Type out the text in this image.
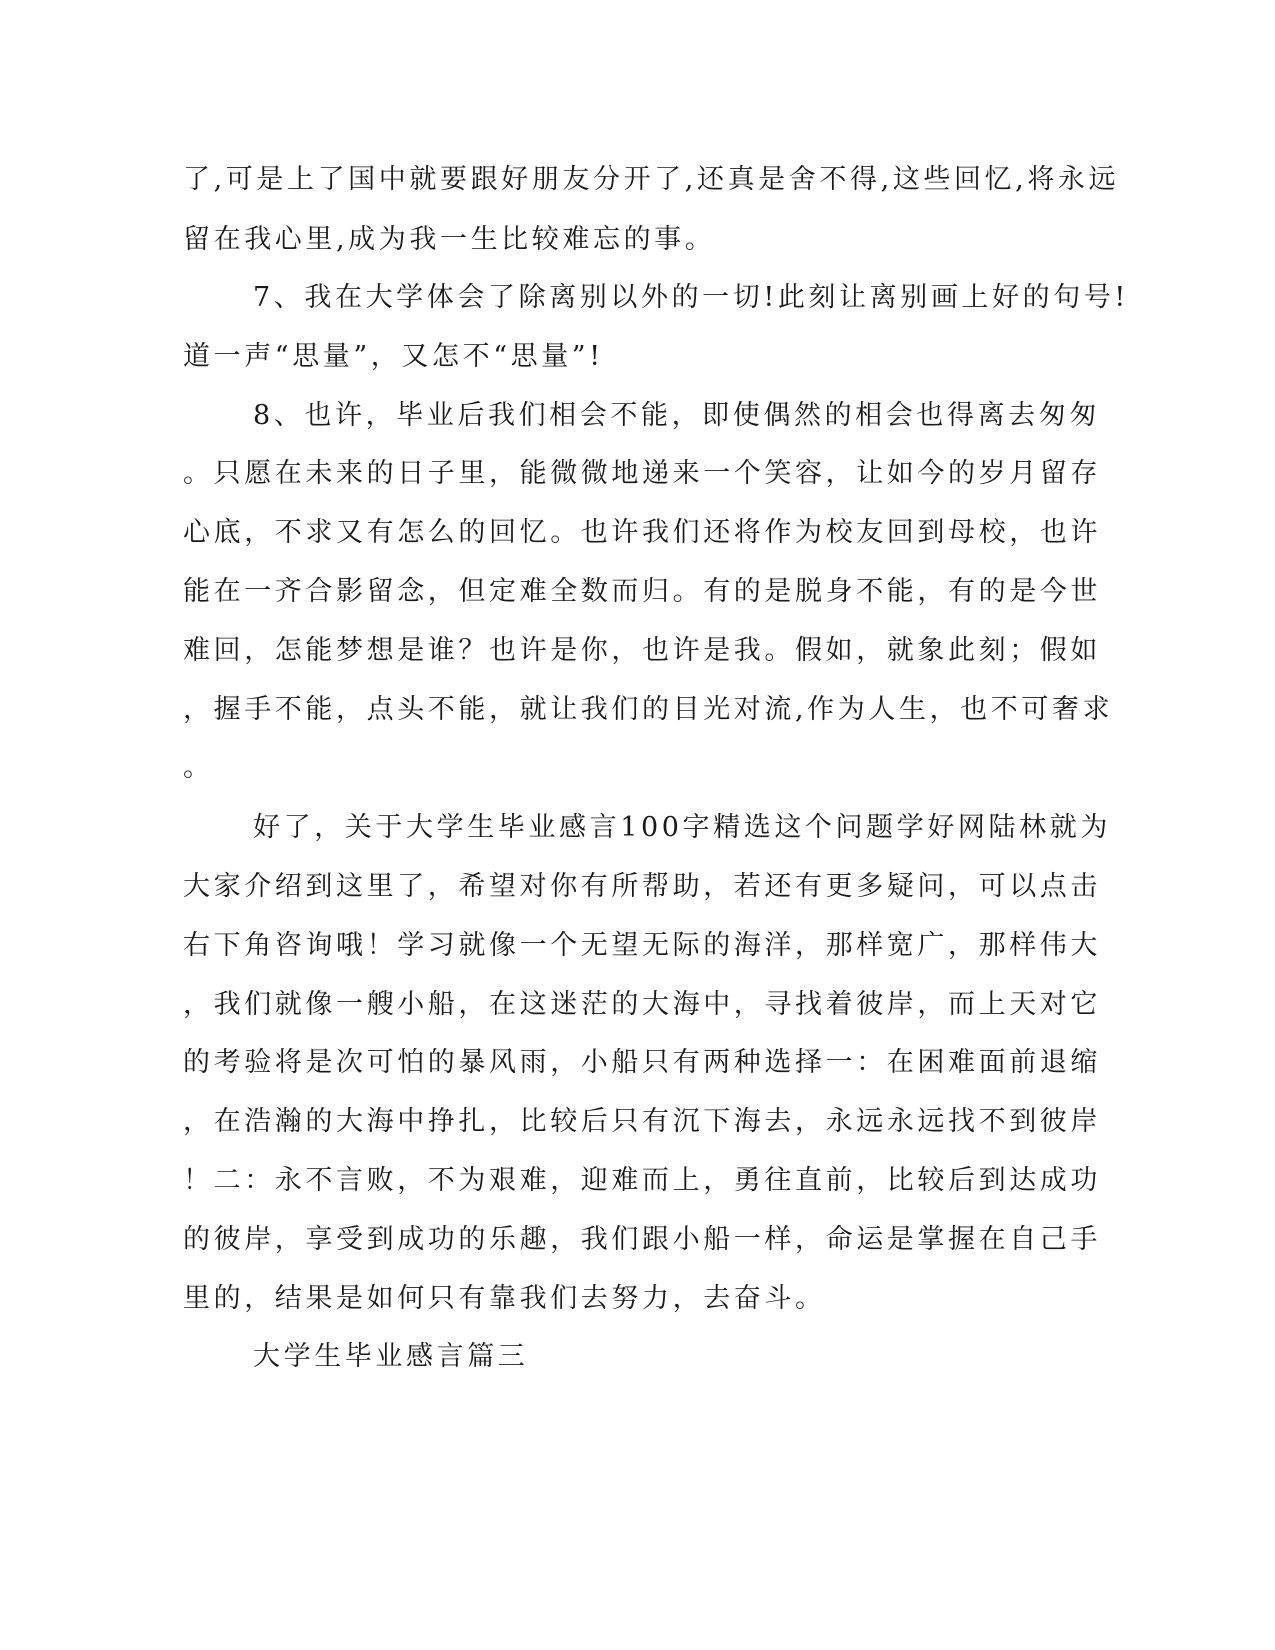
了,可是上了国中就要跟好朋友分开了,还真是舍不得,这些回忆,将永远
留在我心里,成为我一生比较难忘的事。
7、我在大学体会了除离别以外的一切!此刻让离别画上好的句号!
道一声“思量”，又怎不“思量”!
8、也许，毕业后我们相会不能，即使偶然的相会也得离去匆匆
。只愿在未来的日子里，能微微地递来一个笑容，让如今的岁月留存
心底，不求又有怎么的回忆。也许我们还将作为校友回到母校，也许
能在一齐合影留念，但定难全数而归。有的是脱身不能，有的是今世
难回，怎能梦想是谁？也许是你，也许是我。假如，就象此刻；假如
，握手不能，点头不能，就让我们的目光对流,作为人生，也不可奢求
。
好了，关于大学生毕业感言100字精选这个问题学好网陆林就为
大家介绍到这里了，希望对你有所帮助，若还有更多疑问，可以点击
右下角咨询哦！学习就像一个无望无际的海洋，那样宽广，那样伟大
，我们就像一艘小船，在这迷茫的大海中，寻找着彼岸，而上天对它
的考验将是次可怕的暴风雨，小船只有两种选择一：在困难面前退缩
，在浩瀚的大海中挣扎，比较后只有沉下海去，永远永远找不到彼岸
！二：永不言败，不为艰难，迎难而上，勇往直前，比较后到达成功
的彼岸，享受到成功的乐趣，我们跟小船一样，命运是掌握在自己手
里的，结果是如何只有靠我们去努力，去奋斗。
大学生毕业感言篇三
